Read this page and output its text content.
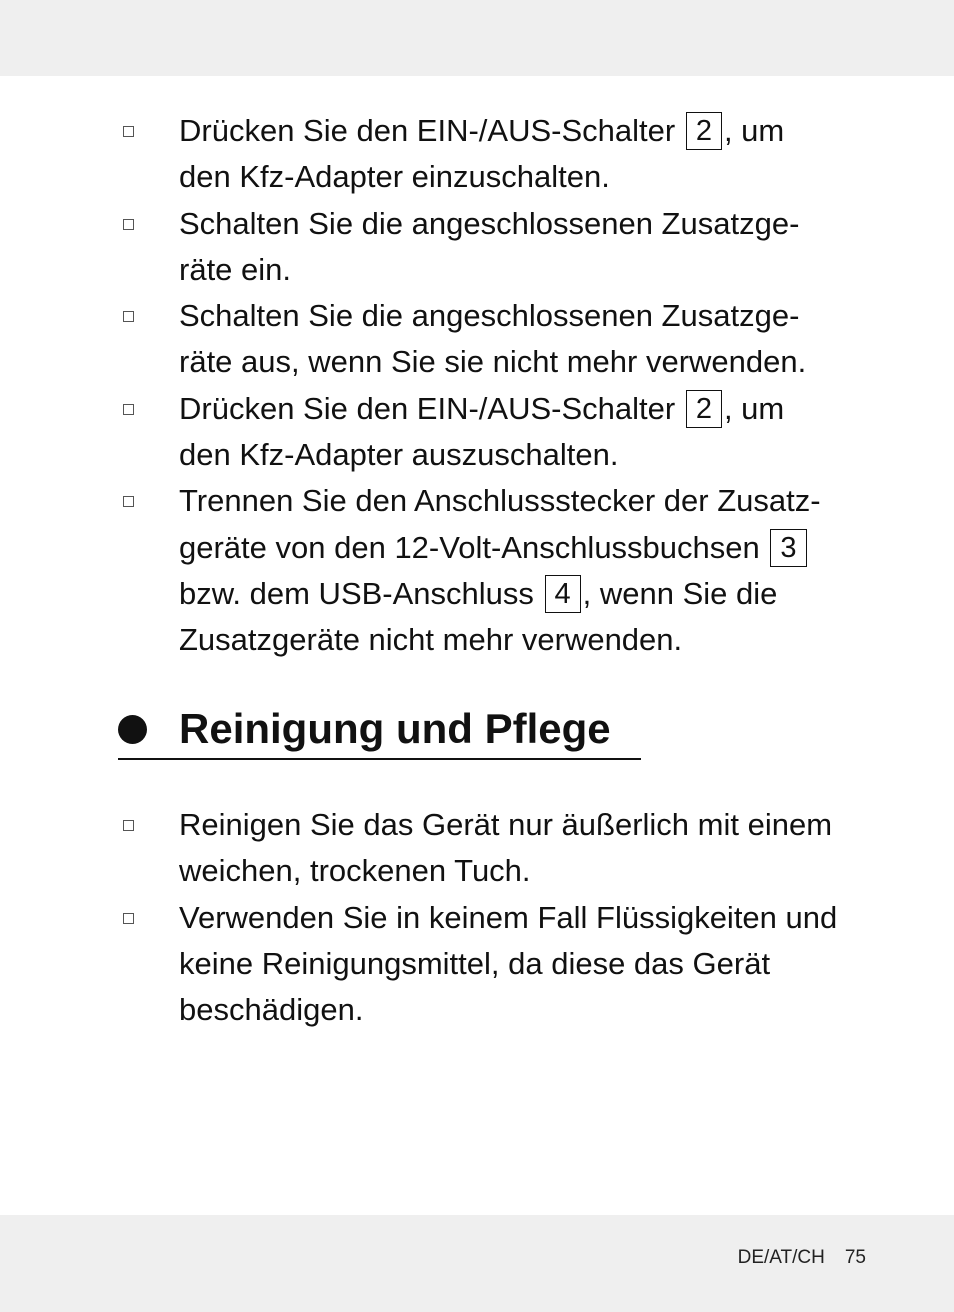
Drücken Sie den EIN-/AUS-Schalter 2 , um den Kfz-Adapter einzuschalten.
Schalten Sie die angeschlossenen Zusatzge-räte ein.
Schalten Sie die angeschlossenen Zusatzge-räte aus, wenn Sie sie nicht mehr verwenden.
Drücken Sie den EIN-/AUS-Schalter 2 , um den Kfz-Adapter auszuschalten.
Trennen Sie den Anschlussstecker der Zusatz-geräte von den 12-Volt-Anschlussbuchsen 3 bzw. dem USB-Anschluss 4 , wenn Sie die Zusatzgeräte nicht mehr verwenden.
Reinigung und Pflege
Reinigen Sie das Gerät nur äußerlich mit einem weichen, trockenen Tuch.
Verwenden Sie in keinem Fall Flüssigkeiten und keine Reinigungsmittel, da diese das Gerät beschädigen.
DE/AT/CH 75
